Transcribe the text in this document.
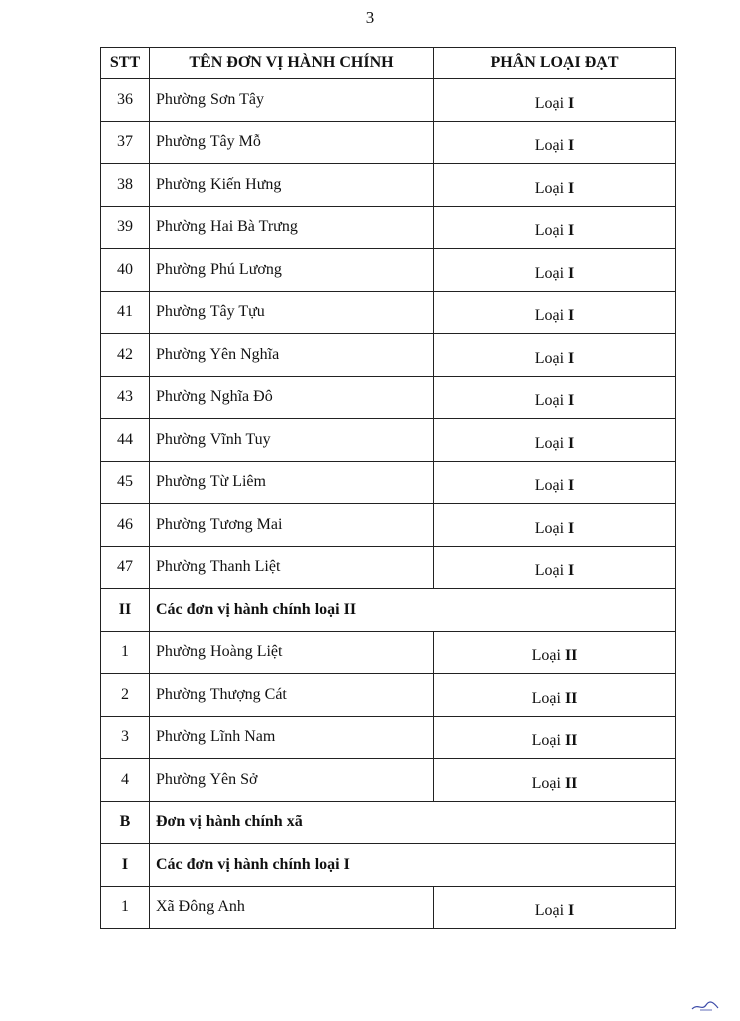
3
STT	TÊN ĐƠN VỊ HÀNH CHÍNH	PHÂN LOẠI ĐẠT
36	Phường Sơn Tây	Loại I
37	Phường Tây Mỗ	Loại I
38	Phường Kiến Hưng	Loại I
39	Phường Hai Bà Trưng	Loại I
40	Phường Phú Lương	Loại I
41	Phường Tây Tựu	Loại I
42	Phường Yên Nghĩa	Loại I
43	Phường Nghĩa Đô	Loại I
44	Phường Vĩnh Tuy	Loại I
45	Phường Từ Liêm	Loại I
46	Phường Tương Mai	Loại I
47	Phường Thanh Liệt	Loại I
II	Các đơn vị hành chính loại II	
1	Phường Hoàng Liệt	Loại II
2	Phường Thượng Cát	Loại II
3	Phường Lĩnh Nam	Loại II
4	Phường Yên Sở	Loại II
B	Đơn vị hành chính xã	
I	Các đơn vị hành chính loại I	
1	Xã Đông Anh	Loại I
